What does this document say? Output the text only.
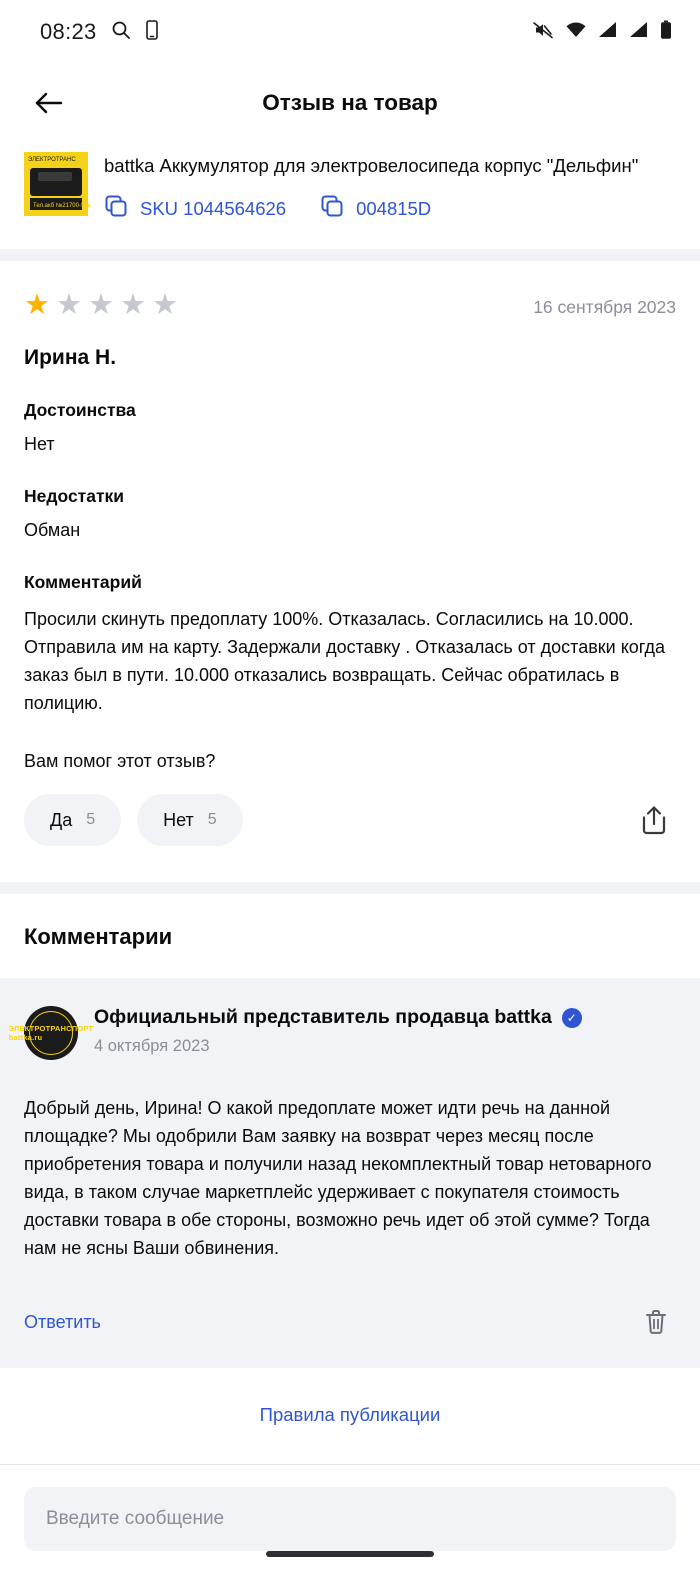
08:23
Отзыв на товар
ЭЛЕКТРОТРАНС
Тел.акб №21700-50в
battka Аккумулятор для электровелосипеда корпус "Дельфин"
SKU 1044564626	004815D
★ ★ ★ ★ ★	16 сентября 2023
Ирина Н.
Достоинства
Нет
Недостатки
Обман
Комментарий
Просили скинуть предоплату 100%. Отказалась. Согласились на 10.000. Отправила им на карту. Задержали доставку . Отказалась от доставки когда заказ был в пути. 10.000 отказались возвращать. Сейчас обратилась в полицию.
Вам помог этот отзыв?
Да 5	Нет 5
Комментарии
ЭЛЕКТРОТРАНСПОРТ battka.ru
Официальный представитель продавца battka	✓
4 октября 2023
Добрый день, Ирина! О какой предоплате может идти речь на данной площадке? Мы одобрили Вам заявку на возврат через месяц после приобретения товара и получили назад некомплектный товар нетоварного вида, в таком случае маркетплейс удерживает с покупателя стоимость доставки товара в обе стороны, возможно речь идет об этой сумме? Тогда нам не ясны Ваши обвинения.
Ответить
Правила публикации
Введите сообщение
